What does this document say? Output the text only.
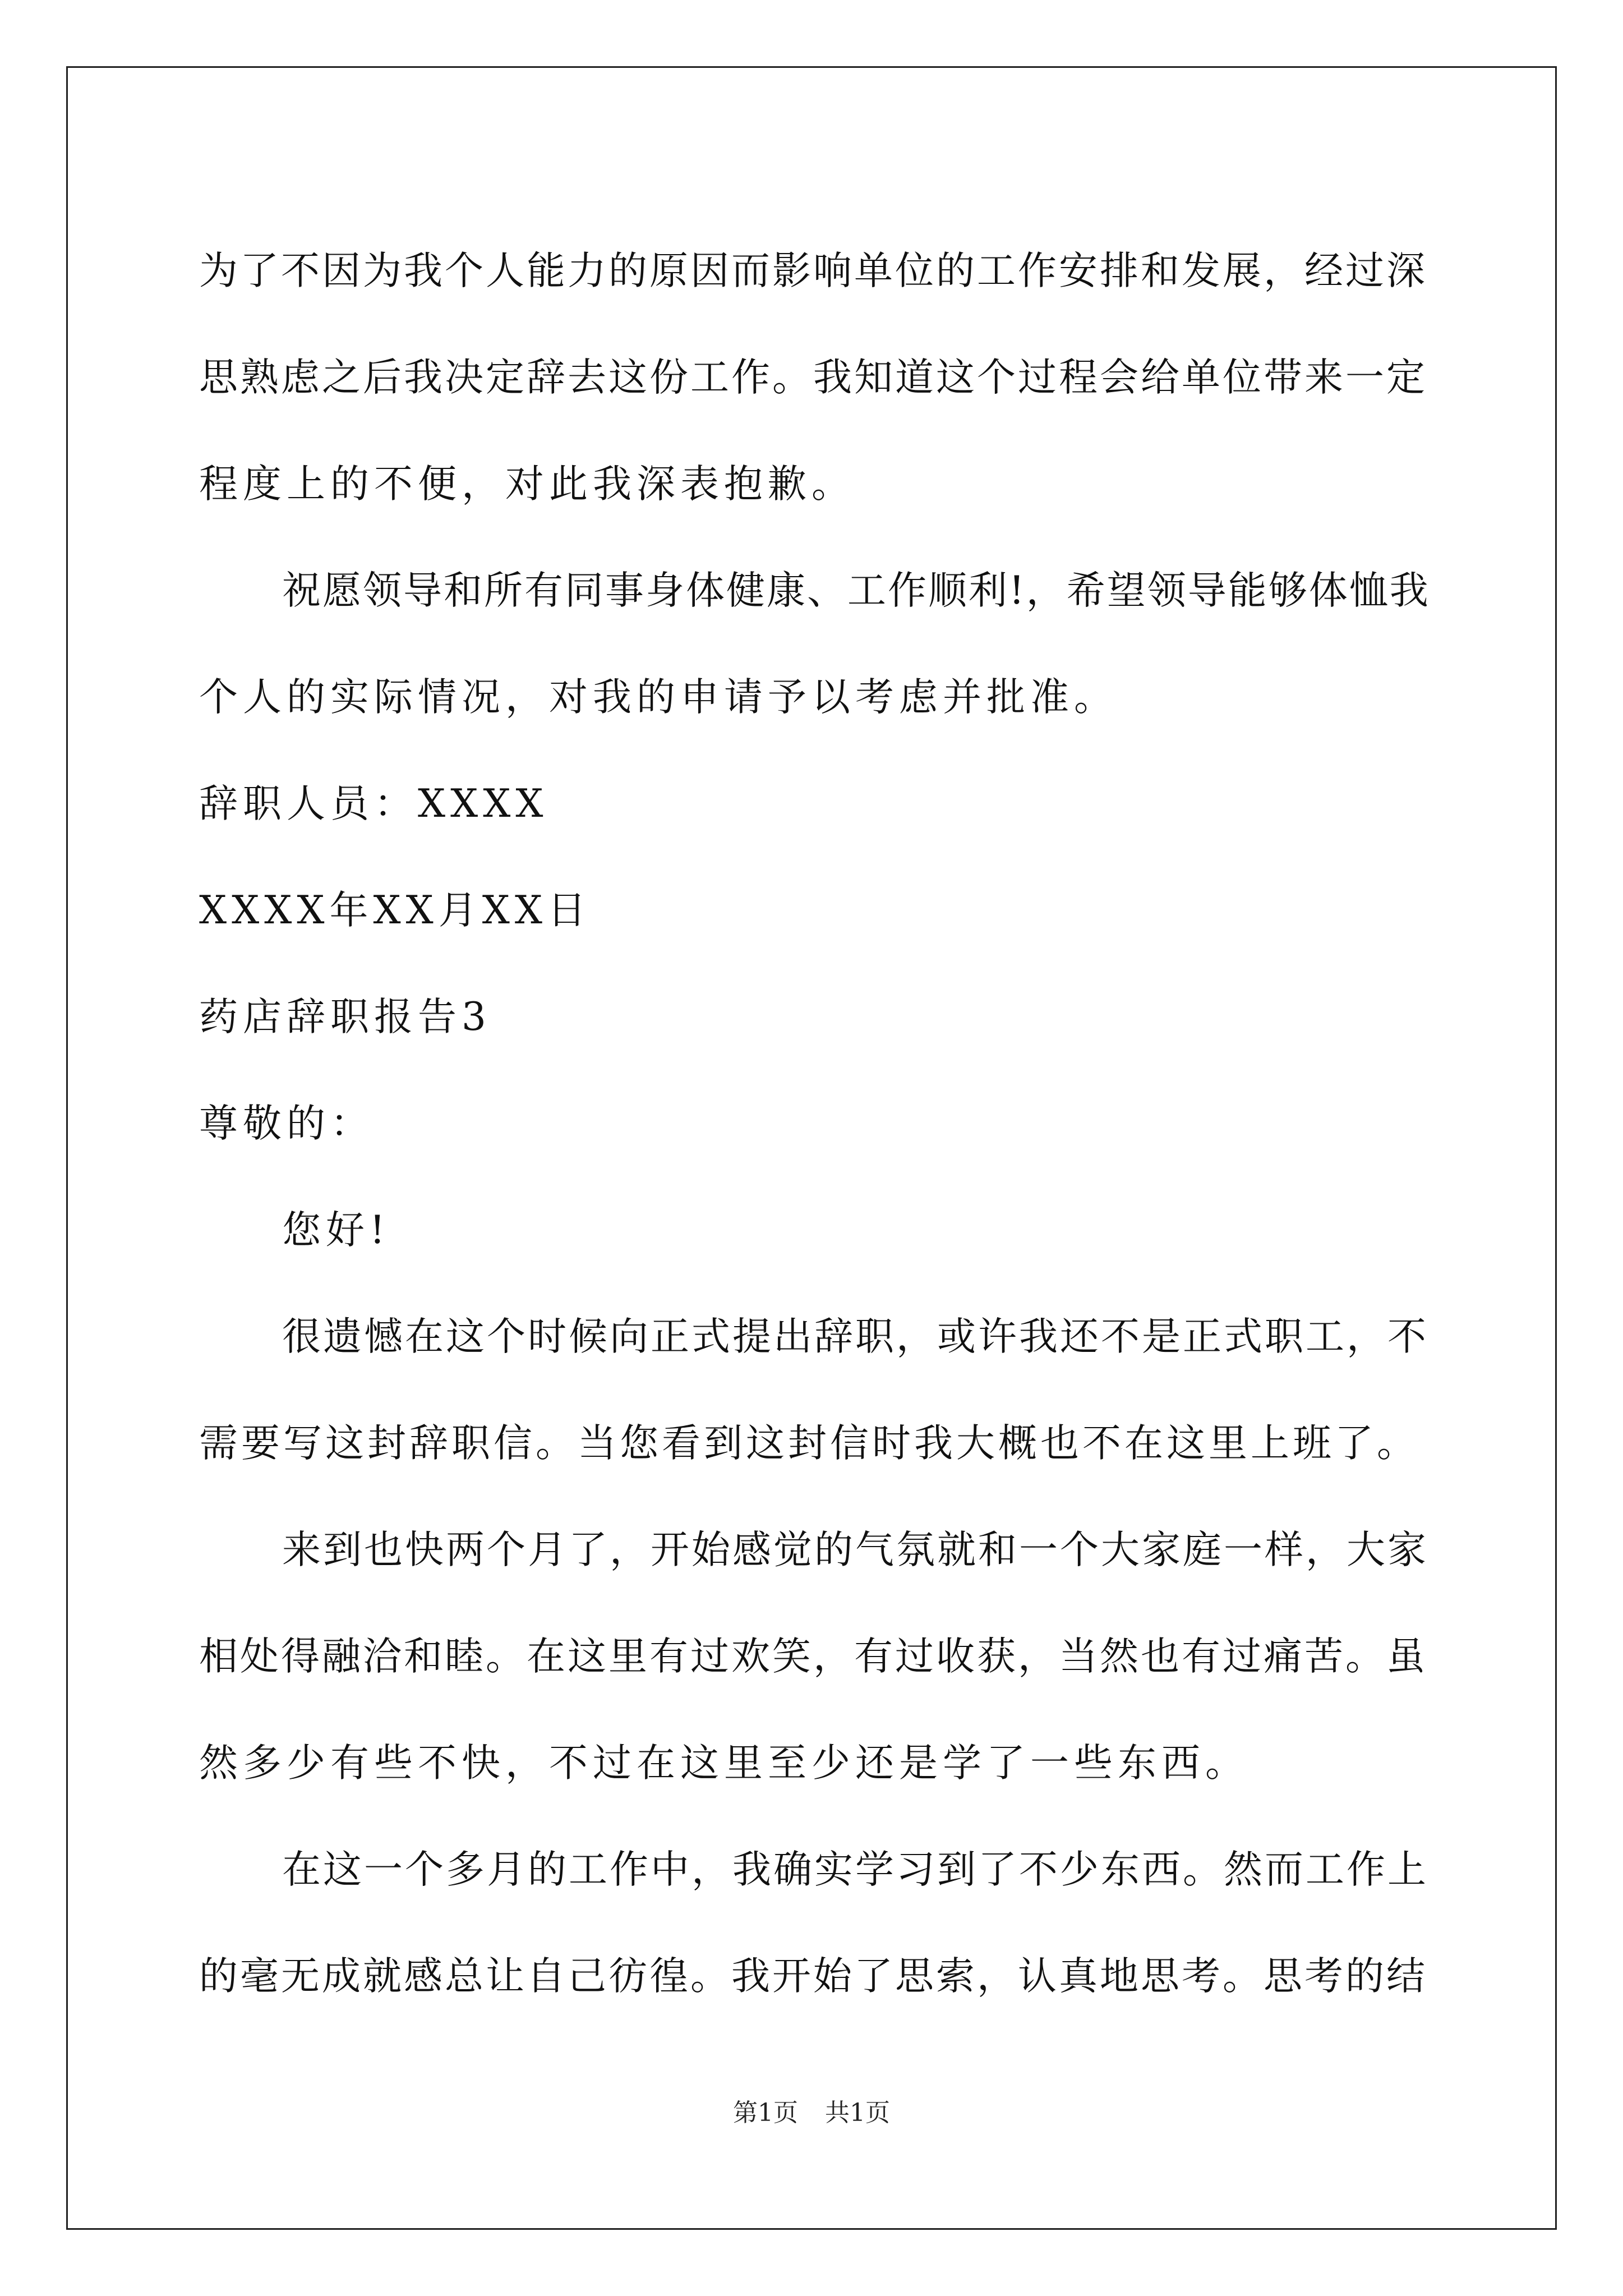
为了不因为我个人能力的原因而影响单位的工作安排和发展，经过深
思熟虑之后我决定辞去这份工作。我知道这个过程会给单位带来一定
程度上的不便，对此我深表抱歉。
祝愿领导和所有同事身体健康、工作顺利!，希望领导能够体恤我
个人的实际情况，对我的申请予以考虑并批准。
辞职人员：XXXX
XXXX年XX月XX日
药店辞职报告3
尊敬的：
您好!
很遗憾在这个时候向正式提出辞职，或许我还不是正式职工，不
需要写这封辞职信。当您看到这封信时我大概也不在这里上班了。
来到也快两个月了，开始感觉的气氛就和一个大家庭一样，大家
相处得融洽和睦。在这里有过欢笑，有过收获，当然也有过痛苦。虽
然多少有些不快，不过在这里至少还是学了一些东西。
在这一个多月的工作中，我确实学习到了不少东西。然而工作上
的毫无成就感总让自己彷徨。我开始了思索，认真地思考。思考的结
第1页 共1页
